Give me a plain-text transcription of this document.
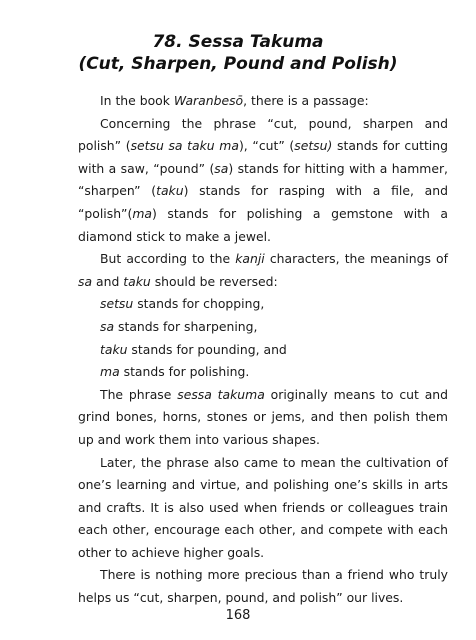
78. Sessa Takuma
(Cut, Sharpen, Pound and Polish)

In the book Waranbesō, there is a passage:

Concerning the phrase “cut, pound, sharpen and polish” (setsu sa taku ma), “cut” (setsu) stands for cutting with a saw, “pound” (sa) stands for hitting with a hammer, “sharpen” (taku) stands for rasping with a file, and “polish”(ma) stands for polishing a gemstone with a diamond stick to make a jewel.

But according to the kanji characters, the meanings of sa and taku should be reversed:

setsu stands for chopping,

sa stands for sharpening,

taku stands for pounding, and

ma stands for polishing.

The phrase sessa takuma originally means to cut and grind bones, horns, stones or jems, and then polish them up and work them into various shapes.

Later, the phrase also came to mean the cultivation of one’s learning and virtue, and polishing one’s skills in arts and crafts. It is also used when friends or colleagues train each other, encourage each other, and compete with each other to achieve higher goals.

There is nothing more precious than a friend who truly helps us “cut, sharpen, pound, and polish” our lives.

168
